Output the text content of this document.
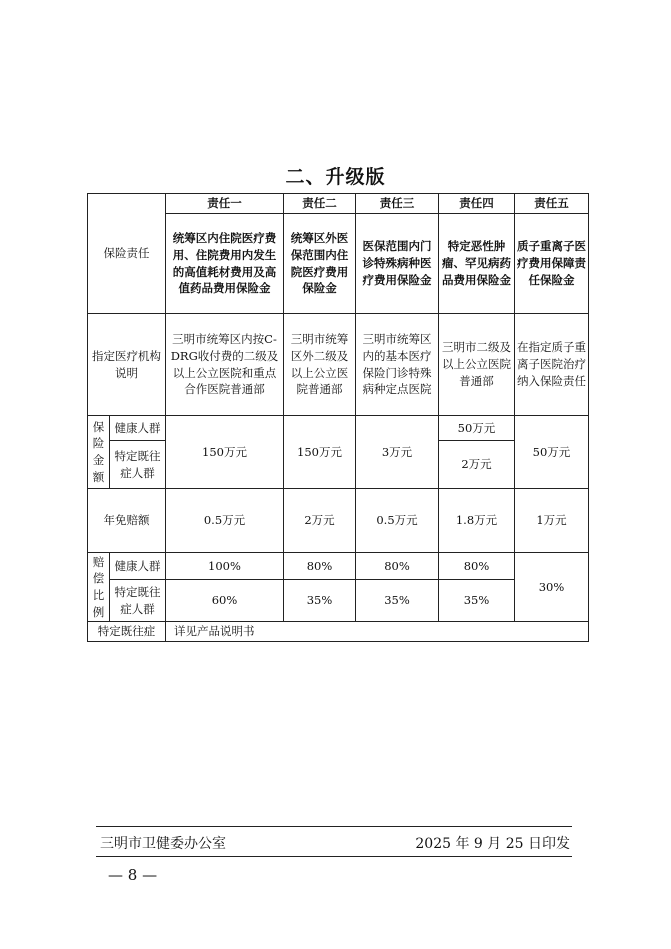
二、升级版
保险责任		责任一	责任二	责任三	责任四	责任五
		统筹区内住院医疗费用、住院费用内发生的高值耗材费用及高值药品费用保险金	统筹区外医保范围内住院医疗费用保险金	医保范围内门诊特殊病种医疗费用保险金	特定恶性肿瘤、罕见病药品费用保险金	质子重离子医疗费用保障责任保险金
指定医疗机构说明		三明市统筹区内按C-DRG收付费的二级及以上公立医院和重点合作医院普通部	三明市统筹区外二级及以上公立医院普通部	三明市统筹区内的基本医疗保险门诊特殊病种定点医院	三明市二级及以上公立医院普通部	在指定质子重离子医院治疗纳入保险责任

保
险
金
额	健康人群	150万元	150万元	3万元	50万元	50万元
	特定既往症人群				2万元	
年免赔额		0.5万元	2万元	0.5万元	1.8万元	1万元

赔
偿
比
例	健康人群	100%	80%	80%	80%	30%
	特定既往症人群	60%	35%	35%	35%	
特定既往症		详见产品说明书				
三明市卫健委办公室	2025 年 9 月 25 日印发
— 8 —
